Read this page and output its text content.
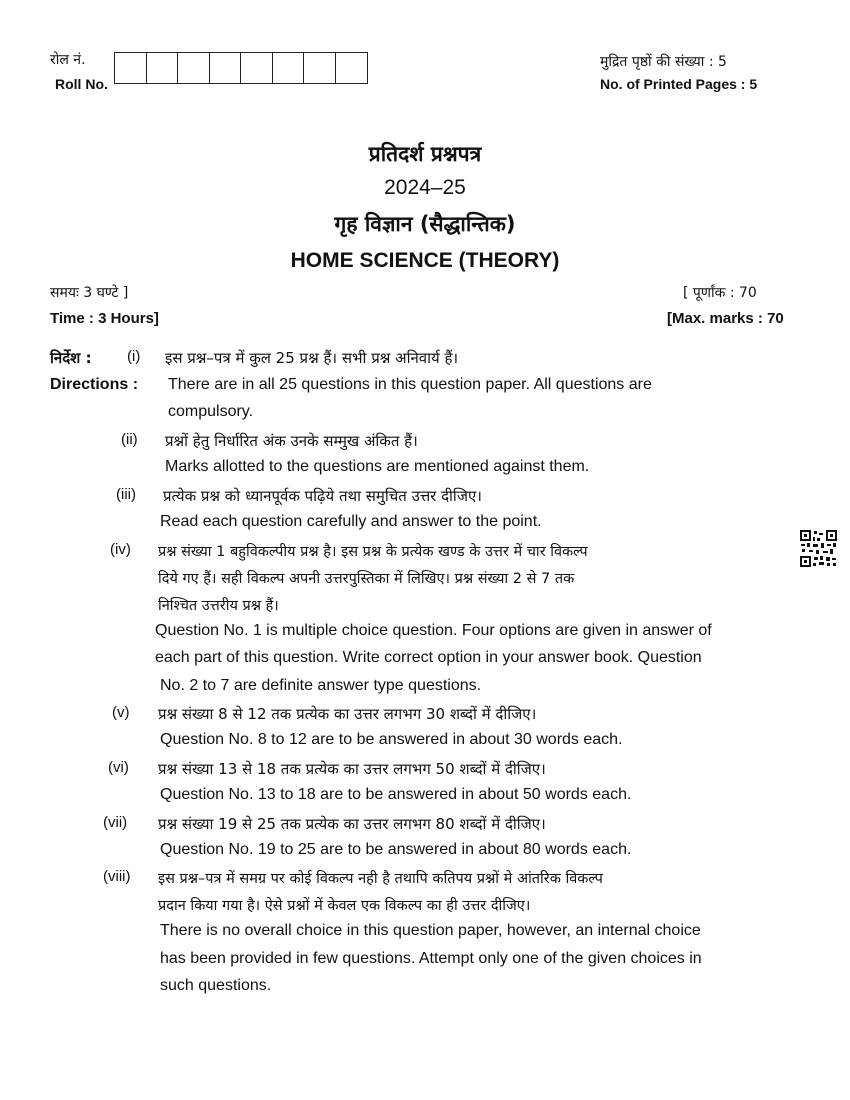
रोल नं.
Roll No.
मुद्रित पृष्ठों की संख्या : 5
No. of Printed Pages : 5
प्रतिदर्श प्रश्नपत्र
2024–25
गृह विज्ञान (सैद्धान्तिक)
HOME SCIENCE (THEORY)
समयः 3 घण्टे ]	[ पूर्णांक : 70
Time : 3 Hours]	[Max. marks : 70
निर्देश :
Directions :
(i) इस प्रश्न–पत्र में कुल 25 प्रश्न हैं। सभी प्रश्न अनिवार्य हैं।
There are in all 25 questions in this question paper. All questions are
compulsory.
(ii) प्रश्नों हेतु निर्धारित अंक उनके सम्मुख अंकित हैं।
Marks allotted to the questions are mentioned against them.
(iii) प्रत्येक प्रश्न को ध्यानपूर्वक पढ़िये तथा समुचित उत्तर दीजिए।
Read each question carefully and answer to the point.
(iv) प्रश्न संख्या 1 बहुविकल्पीय प्रश्न है। इस प्रश्न के प्रत्येक खण्ड के उत्तर में चार विकल्प
दिये गए हैं। सही विकल्प अपनी उत्तरपुस्तिका में लिखिए। प्रश्न संख्या 2 से 7 तक
निश्चित उत्तरीय प्रश्न हैं।
Question No. 1 is multiple choice question. Four options are given in answer of
each part of this question. Write correct option in your answer book. Question
No. 2 to 7 are definite answer type questions.
(v) प्रश्न संख्या 8 से 12 तक प्रत्येक का उत्तर लगभग 30 शब्दों में दीजिए।
Question No. 8 to 12 are to be answered in about 30 words each.
(vi) प्रश्न संख्या 13 से 18 तक प्रत्येक का उत्तर लगभग 50 शब्दों में दीजिए।
Question No. 13 to 18 are to be answered in about 50 words each.
(vii) प्रश्न संख्या 19 से 25 तक प्रत्येक का उत्तर लगभग 80 शब्दों में दीजिए।
Question No. 19 to 25 are to be answered in about 80 words each.
(viii) इस प्रश्न–पत्र में समग्र पर कोई विकल्प नही है तथापि कतिपय प्रश्नों मे आंतरिक विकल्प
प्रदान किया गया है। ऐसे प्रश्नों में केवल एक विकल्प का ही उत्तर दीजिए।
There is no overall choice in this question paper, however, an internal choice
has been provided in few questions. Attempt only one of the given choices in
such questions.
